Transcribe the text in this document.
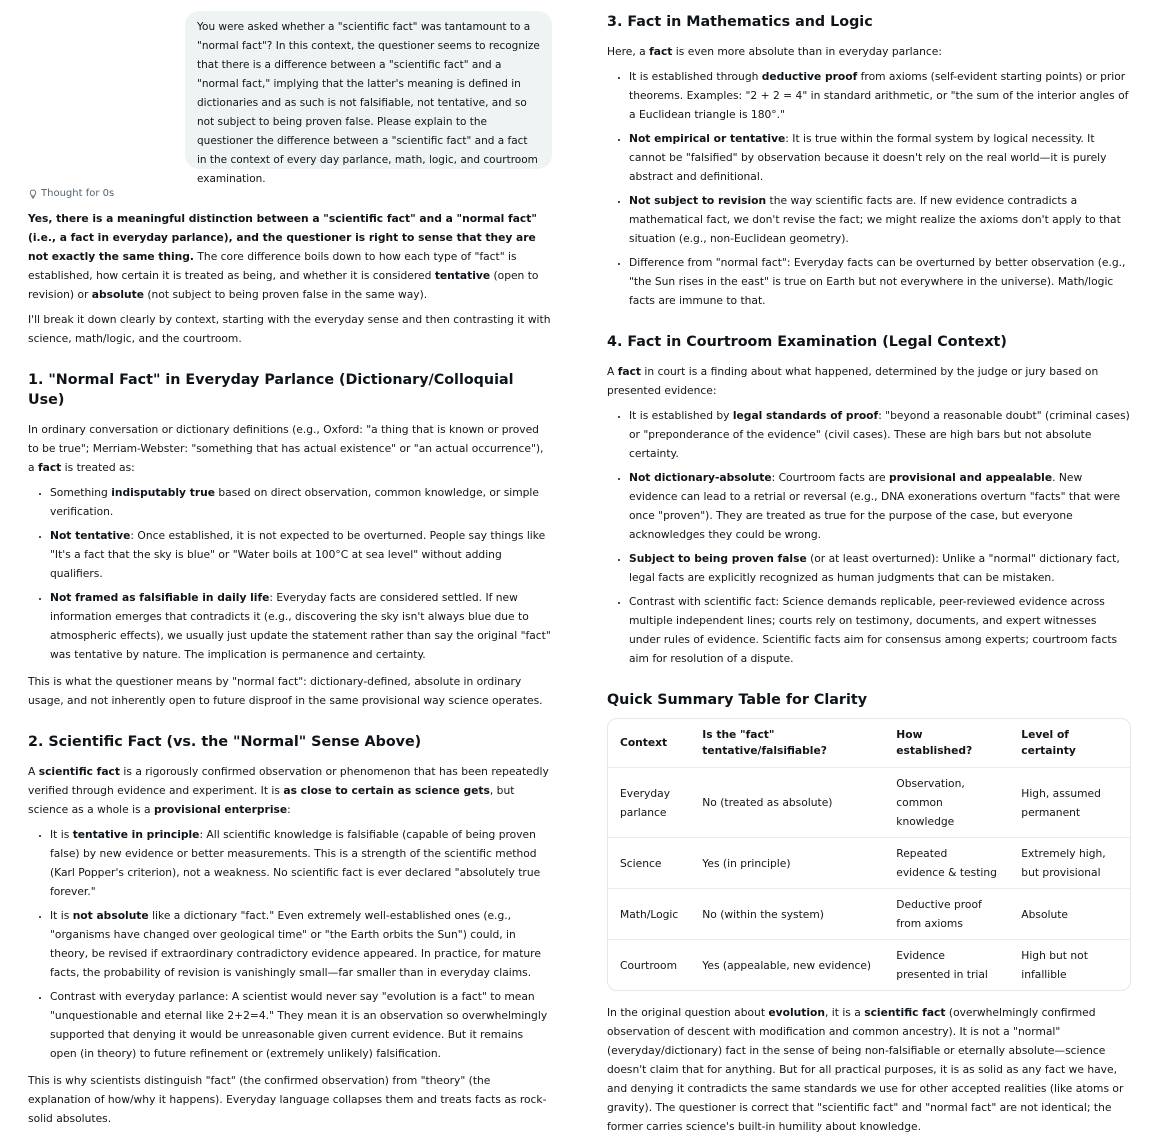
You were asked whether a "scientific fact" was tantamount to a "normal fact"? In this context, the questioner seems to recognize that there is a difference between a "scientific fact" and a "normal fact," implying that the latter's meaning is defined in dictionaries and as such is not falsifiable, not tentative, and so not subject to being proven false. Please explain to the questioner the difference between a "scientific fact" and a fact in the context of every day parlance, math, logic, and courtroom examination.
Thought for 0s

Yes, there is a meaningful distinction between a "scientific fact" and a "normal fact" (i.e., a fact in everyday parlance), and the questioner is right to sense that they are not exactly the same thing. The core difference boils down to how each type of "fact" is established, how certain it is treated as being, and whether it is considered tentative (open to revision) or absolute (not subject to being proven false in the same way).

I'll break it down clearly by context, starting with the everyday sense and then contrasting it with science, math/logic, and the courtroom.

1. "Normal Fact" in Everyday Parlance (Dictionary/Colloquial Use)

In ordinary conversation or dictionary definitions (e.g., Oxford: "a thing that is known or proved to be true"; Merriam-Webster: "something that has actual existence" or "an actual occurrence"), a fact is treated as:

• Something indisputably true based on direct observation, common knowledge, or simple verification.
• Not tentative: Once established, it is not expected to be overturned. People say things like "It's a fact that the sky is blue" or "Water boils at 100°C at sea level" without adding qualifiers.
• Not framed as falsifiable in daily life: Everyday facts are considered settled. If new information emerges that contradicts it (e.g., discovering the sky isn't always blue due to atmospheric effects), we usually just update the statement rather than say the original "fact" was tentative by nature. The implication is permanence and certainty.

This is what the questioner means by "normal fact": dictionary-defined, absolute in ordinary usage, and not inherently open to future disproof in the same provisional way science operates.

2. Scientific Fact (vs. the "Normal" Sense Above)

A scientific fact is a rigorously confirmed observation or phenomenon that has been repeatedly verified through evidence and experiment. It is as close to certain as science gets, but science as a whole is a provisional enterprise:

• It is tentative in principle: All scientific knowledge is falsifiable (capable of being proven false) by new evidence or better measurements. This is a strength of the scientific method (Karl Popper's criterion), not a weakness. No scientific fact is ever declared "absolutely true forever."
• It is not absolute like a dictionary "fact." Even extremely well-established ones (e.g., "organisms have changed over geological time" or "the Earth orbits the Sun") could, in theory, be revised if extraordinary contradictory evidence appeared. In practice, for mature facts, the probability of revision is vanishingly small—far smaller than in everyday claims.
• Contrast with everyday parlance: A scientist would never say "evolution is a fact" to mean "unquestionable and eternal like 2+2=4." They mean it is an observation so overwhelmingly supported that denying it would be unreasonable given current evidence. But it remains open (in theory) to future refinement or (extremely unlikely) falsification.

This is why scientists distinguish "fact" (the confirmed observation) from "theory" (the explanation of how/why it happens). Everyday language collapses them and treats facts as rock-solid absolutes.

3. Fact in Mathematics and Logic

Here, a fact is even more absolute than in everyday parlance:

• It is established through deductive proof from axioms (self-evident starting points) or prior theorems. Examples: "2 + 2 = 4" in standard arithmetic, or "the sum of the interior angles of a Euclidean triangle is 180°."
• Not empirical or tentative: It is true within the formal system by logical necessity. It cannot be "falsified" by observation because it doesn't rely on the real world—it is purely abstract and definitional.
• Not subject to revision the way scientific facts are. If new evidence contradicts a mathematical fact, we don't revise the fact; we might realize the axioms don't apply to that situation (e.g., non-Euclidean geometry).
• Difference from "normal fact": Everyday facts can be overturned by better observation (e.g., "the Sun rises in the east" is true on Earth but not everywhere in the universe). Math/logic facts are immune to that.
4. Fact in Courtroom Examination (Legal Context)

A fact in court is a finding about what happened, determined by the judge or jury based on presented evidence:

• It is established by legal standards of proof: "beyond a reasonable doubt" (criminal cases) or "preponderance of the evidence" (civil cases). These are high bars but not absolute certainty.
• Not dictionary-absolute: Courtroom facts are provisional and appealable. New evidence can lead to a retrial or reversal (e.g., DNA exonerations overturn "facts" that were once "proven"). They are treated as true for the purpose of the case, but everyone acknowledges they could be wrong.
• Subject to being proven false (or at least overturned): Unlike a "normal" dictionary fact, legal facts are explicitly recognized as human judgments that can be mistaken.
• Contrast with scientific fact: Science demands replicable, peer-reviewed evidence across multiple independent lines; courts rely on testimony, documents, and expert witnesses under rules of evidence. Scientific facts aim for consensus among experts; courtroom facts aim for resolution of a dispute.
Quick Summary Table for Clarity
Context	Is the "fact" tentative/falsifiable?	How established?	Level of certainty
Everyday parlance	No (treated as absolute)	Observation, common knowledge	High, assumed permanent
Science	Yes (in principle)	Repeated evidence & testing	Extremely high, but provisional
Math/Logic	No (within the system)	Deductive proof from axioms	Absolute
Courtroom	Yes (appealable, new evidence)	Evidence presented in trial	High but not infallible

In the original question about evolution, it is a scientific fact (overwhelmingly confirmed observation of descent with modification and common ancestry). It is not a "normal" (everyday/dictionary) fact in the sense of being non-falsifiable or eternally absolute—science doesn't claim that for anything. But for all practical purposes, it is as solid as any fact we have, and denying it contradicts the same standards we use for other accepted realities (like atoms or gravity). The questioner is correct that "scientific fact" and "normal fact" are not identical; the former carries science's built-in humility about knowledge.
